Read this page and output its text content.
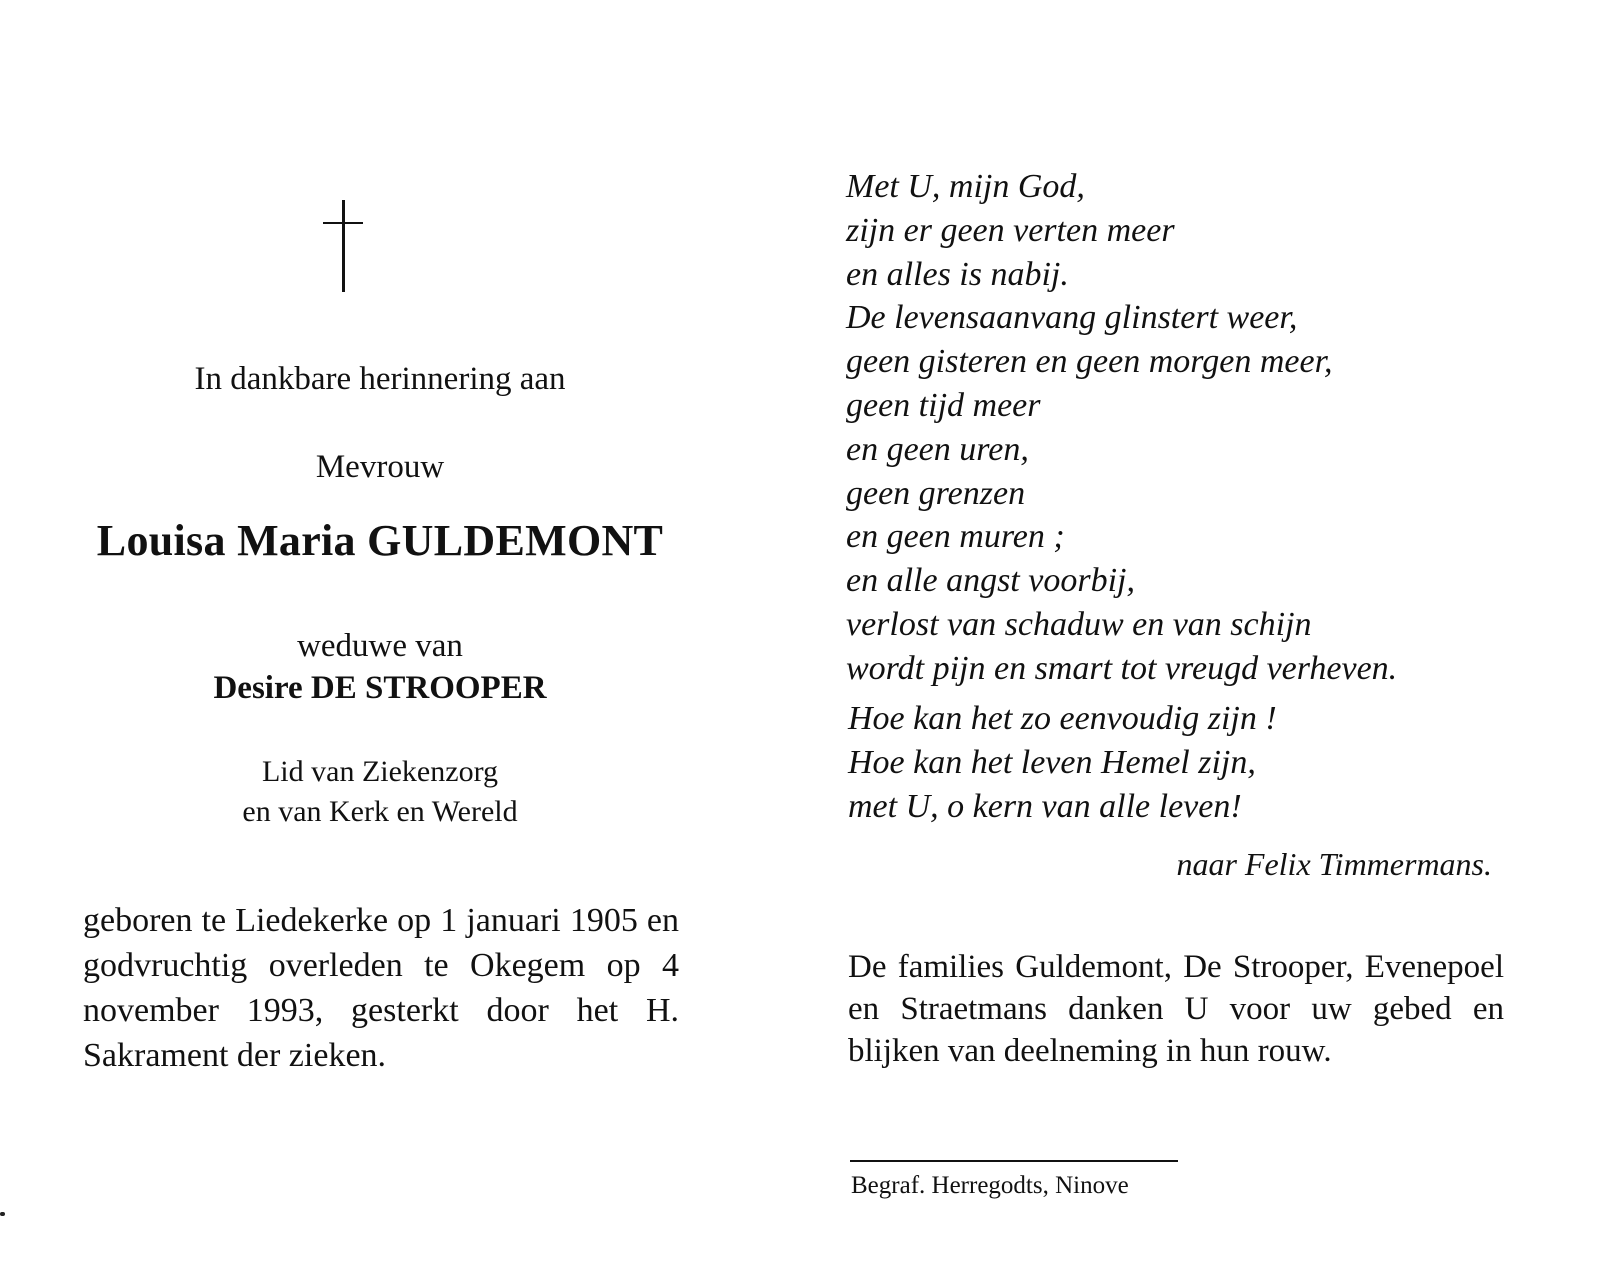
In dankbare herinnering aan
Mevrouw
Louisa Maria GULDEMONT
weduwe van
Desire DE STROOPER
Lid van Ziekenzorg
en van Kerk en Wereld
geboren te Liedekerke op 1 januari 1905 en godvruchtig overleden te Okegem op 4 november 1993, gesterkt door het H. Sakrament der zieken.
Met U, mijn God,
zijn er geen verten meer
en alles is nabij.
De levensaanvang glinstert weer,
geen gisteren en geen morgen meer,
geen tijd meer
en geen uren,
geen grenzen
en geen muren ;
en alle angst voorbij,
verlost van schaduw en van schijn
wordt pijn en smart tot vreugd verheven.
Hoe kan het zo eenvoudig zijn !
Hoe kan het leven Hemel zijn,
met U, o kern van alle leven!
naar Felix Timmermans.
De families Guldemont, De Strooper, Evenepoel en Straetmans danken U voor uw gebed en blijken van deelneming in hun rouw.
Begraf. Herregodts, Ninove
